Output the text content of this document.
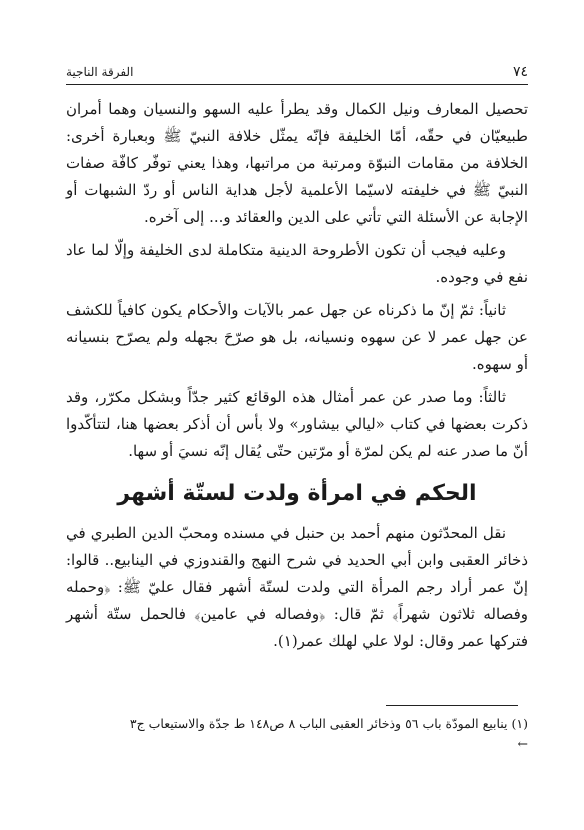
٧٤
الفرقة الناجية

تحصيل المعارف ونيل الكمال وقد يطرأ عليه السهو والنسيان وهما أمران طبيعيّان في حقّه، أمّا الخليفة فإنّه يمثّل خلافة النبيّ ﷺ وبعبارة أخرى: الخلافة من مقامات النبوّة ومرتبة من مراتبها، وهذا يعني توفّر كافّة صفات النبيّ ﷺ في خليفته لاسيّما الأعلمية لأجل هداية الناس أو ردّ الشبهات أو الإجابة عن الأسئلة التي تأتي على الدين والعقائد و... إلى آخره.

وعليه فيجب أن تكون الأطروحة الدينية متكاملة لدى الخليفة وإلّا لما عاد نفع في وجوده.

ثانياً: ثمّ إنّ ما ذكرناه عن جهل عمر بالآيات والأحكام يكون كافياً للكشف عن جهل عمر لا عن سهوه ونسيانه، بل هو صرّحَ بجهله ولم يصرّح بنسيانه أو سهوه.

ثالثاً: وما صدر عن عمر أمثال هذه الوقائع كثير جدّاً وبشكل مكرّر، وقد ذكرت بعضها في كتاب «ليالي بيشاور» ولا بأس أن أذكر بعضها هنا، لتتأكّدوا أنّ ما صدر عنه لم يكن لمرّة أو مرّتين حتّى يُقال إنّه نسيَ أو سها.

الحكم في امرأة ولدت لستّة أشهر

نقل المحدّثون منهم أحمد بن حنبل في مسنده ومحبّ الدين الطبري في ذخائر العقبى وابن أبي الحديد في شرح النهج والقندوزي في الينابيع.. قالوا: إنّ عمر أراد رجم المرأة التي ولدت لستّة أشهر فقال عليّ ﷺ: ﴿وحمله وفصاله ثلاثون شهراً﴾ ثمّ قال: ﴿وفصاله في عامين﴾ فالحمل ستّة أشهر فتركها عمر وقال: لولا علي لهلك عمر(١).

(١) ينابيع المودّة باب ٥٦ وذخائر العقبى الباب ٨ ص١٤٨ ط جدّة والاستيعاب ج٣
←
